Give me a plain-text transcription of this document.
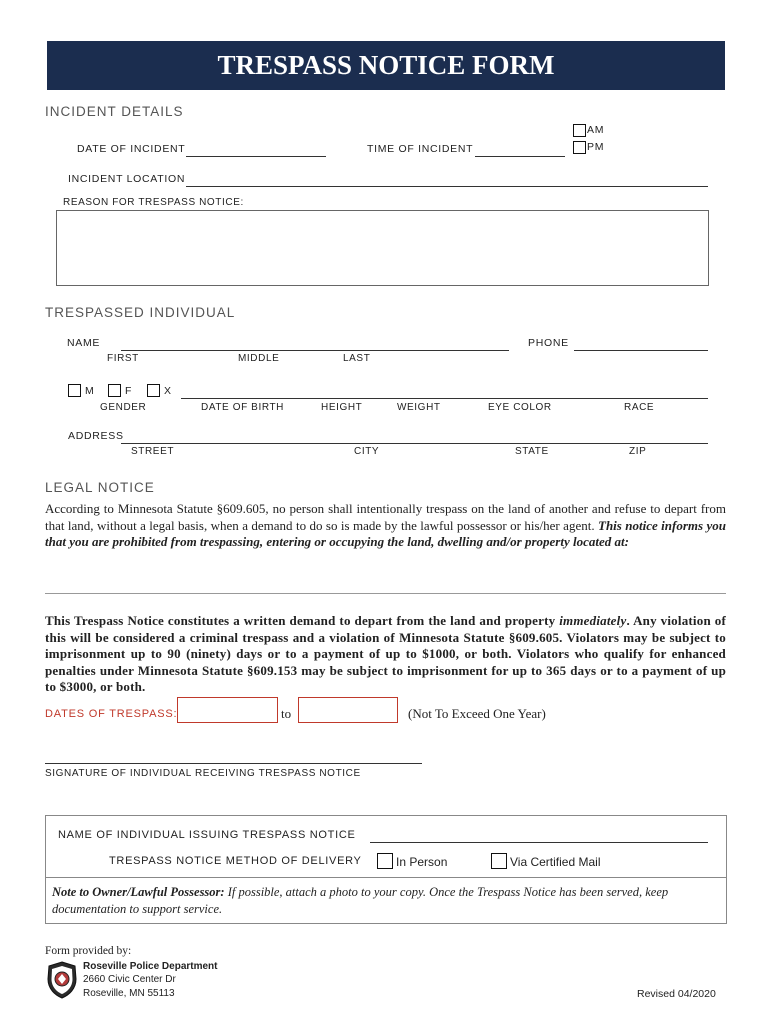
TRESPASS NOTICE FORM
INCIDENT DETAILS
DATE OF INCIDENT	TIME OF INCIDENT
AM
PM
INCIDENT LOCATION
REASON FOR TRESPASS NOTICE:
TRESPASSED INDIVIDUAL
NAME	PHONE
FIRST	MIDDLE	LAST
M	F	X
GENDER	DATE OF BIRTH	HEIGHT	WEIGHT	EYE COLOR	RACE
ADDRESS
STREET	CITY	STATE	ZIP
LEGAL NOTICE
According to Minnesota Statute §609.605, no person shall intentionally trespass on the land of another and refuse to depart from that land, without a legal basis, when a demand to do so is made by the lawful possessor or his/her agent. This notice informs you that you are prohibited from trespassing, entering or occupying the land, dwelling and/or property located at:
This Trespass Notice constitutes a written demand to depart from the land and property immediately. Any violation of this will be considered a criminal trespass and a violation of Minnesota Statute §609.605. Violators may be subject to imprisonment up to 90 (ninety) days or to a payment of up to $1000, or both. Violators who qualify for enhanced penalties under Minnesota Statute §609.153 may be subject to imprisonment for up to 365 days or to a payment of up to $3000, or both.
DATES OF TRESPASS:	to	(Not To Exceed One Year)
SIGNATURE OF INDIVIDUAL RECEIVING TRESPASS NOTICE
NAME OF INDIVIDUAL ISSUING TRESPASS NOTICE
TRESPASS NOTICE METHOD OF DELIVERY	In Person	Via Certified Mail
Note to Owner/Lawful Possessor: If possible, attach a photo to your copy. Once the Trespass Notice has been served, keep documentation to support service.
Form provided by:
Roseville Police Department
2660 Civic Center Dr
Roseville, MN 55113	Revised 04/2020
